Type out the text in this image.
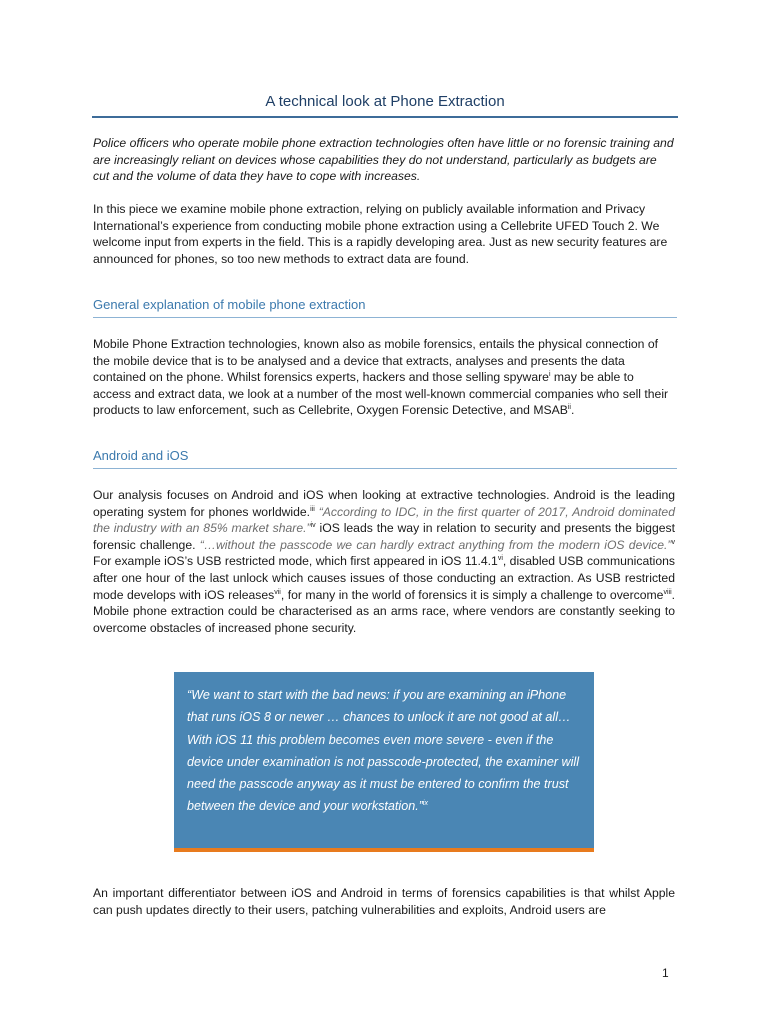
A technical look at Phone Extraction

Police officers who operate mobile phone extraction technologies often have little or no forensic training and are increasingly reliant on devices whose capabilities they do not understand, particularly as budgets are cut and the volume of data they have to cope with increases.

In this piece we examine mobile phone extraction, relying on publicly available information and Privacy International’s experience from conducting mobile phone extraction using a Cellebrite UFED Touch 2. We welcome input from experts in the field. This is a rapidly developing area. Just as new security features are announced for phones, so too new methods to extract data are found.

General explanation of mobile phone extraction

Mobile Phone Extraction technologies, known also as mobile forensics, entails the physical connection of the mobile device that is to be analysed and a device that extracts, analyses and presents the data contained on the phone. Whilst forensics experts, hackers and those selling spyware$^i$ may be able to access and extract data, we look at a number of the most well-known commercial companies who sell their products to law enforcement, such as Cellebrite, Oxygen Forensic Detective, and MSAB$^{ii}$.

Android and iOS

Our analysis focuses on Android and iOS when looking at extractive technologies. Android is the leading operating system for phones worldwide.$^{iii}$ “According to IDC, in the first quarter of 2017, Android dominated the industry with an 85% market share.”$^{iv}$ iOS leads the way in relation to security and presents the biggest forensic challenge. “…without the passcode we can hardly extract anything from the modern iOS device.”$^v$ For example iOS’s USB restricted mode, which first appeared in iOS 11.4.1$^{vi}$, disabled USB communications after one hour of the last unlock which causes issues of those conducting an extraction. As USB restricted mode develops with iOS releases$^{vii}$, for many in the world of forensics it is simply a challenge to overcome$^{viii}$. Mobile phone extraction could be characterised as an arms race, where vendors are constantly seeking to overcome obstacles of increased phone security.

“We want to start with the bad news: if you are examining an iPhone that runs iOS 8 or newer … chances to unlock it are not good at all…With iOS 11 this problem becomes even more severe - even if the device under examination is not passcode-protected, the examiner will need the passcode anyway as it must be entered to confirm the trust between the device and your workstation.”$^{ix}$

An important differentiator between iOS and Android in terms of forensics capabilities is that whilst Apple can push updates directly to their users, patching vulnerabilities and exploits, Android users are

1
